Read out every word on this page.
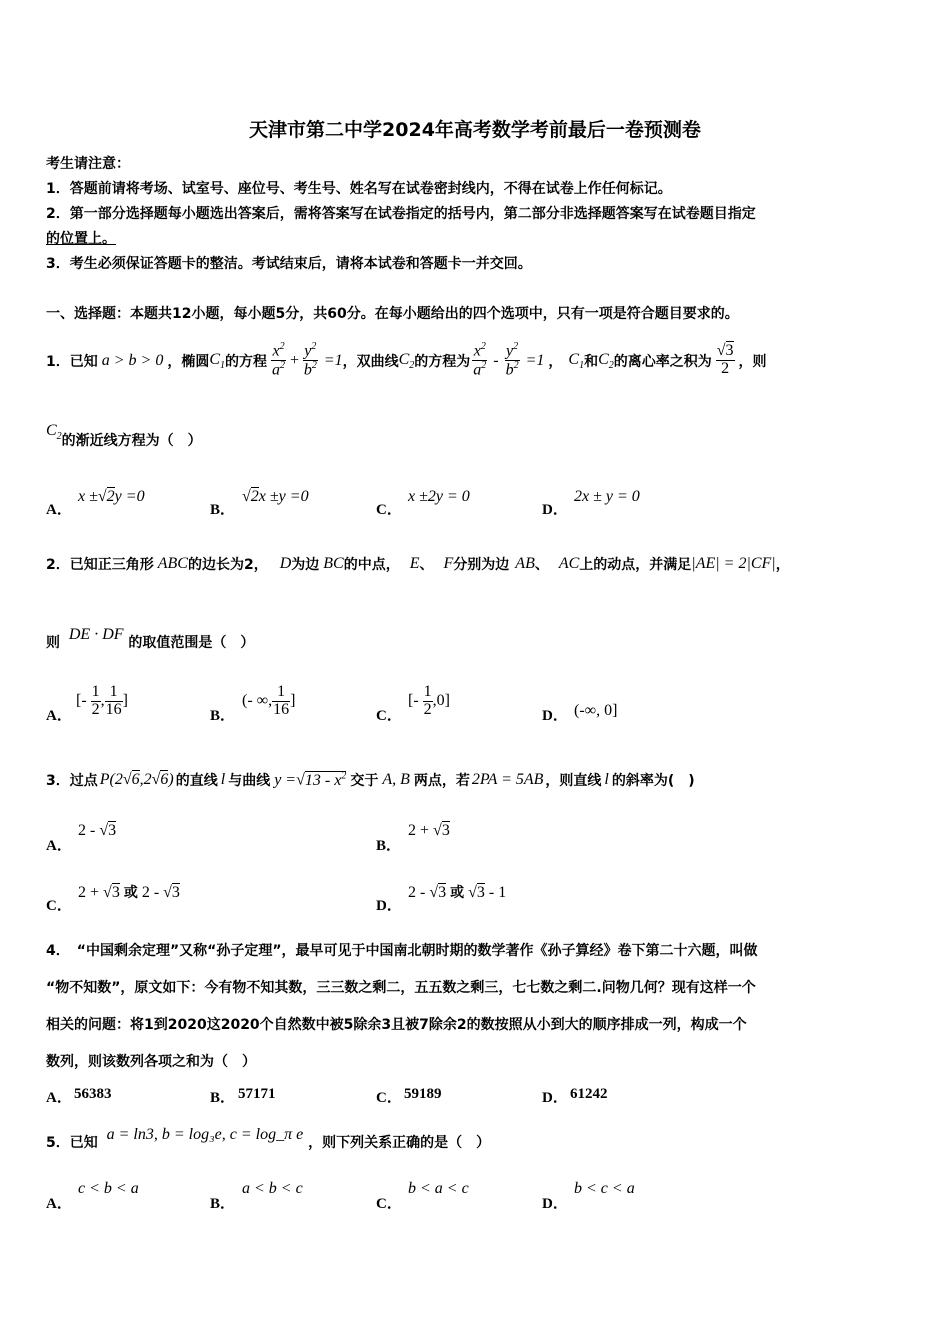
天津市第二中学2024年高考数学考前最后一卷预测卷
考生请注意：
1．答题前请将考场、试室号、座位号、考生号、姓名写在试卷密封线内，不得在试卷上作任何标记。
2．第一部分选择题每小题选出答案后，需将答案写在试卷指定的括号内，第二部分非选择题答案写在试卷题目指定
的位置上。
3．考生必须保证答题卡的整洁。考试结束后，请将本试卷和答题卡一并交回。
一、选择题：本题共12小题，每小题5分，共60分。在每小题给出的四个选项中，只有一项是符合题目要求的。
1．已知 a > b > 0 ，椭圆 $C_1$ 的方程 $\frac{x^2}{a^2} + \frac{y^2}{b^2} =1$ ，双曲线 $C_2$ 的方程为 $\frac{x^2}{a^2} - \frac{y^2}{b^2} =1$ ， $C_1$ 和 $C_2$ 的离心率之积为 $\frac{√3}{2}$ ，则
$C_2$的渐近线方程为（　）
A．
x ±√2y =0
B．
√2x ±y =0
C．
x ±2y = 0
D．
2x ± y = 0
2．已知正三角形 ABC 的边长为2， D 为边 BC 的中点， E 、 F 分别为边 AB 、 AC 上的动点，并满足 |AE| = 2|CF| ，
则 DE · DF 的取值范围是（　）
A．
[- $\frac{1}{2}$ , $\frac{1}{16}$ ]
B．
(- ∞, $\frac{1}{16}$ ]
C．
[- $\frac{1}{2} ,0$]
D． (-∞, 0]
3．过点 P(2√6,2√6) 的直线 l 与曲线 $y =√13 - x^2$ 交于 A, B 两点，若 2PA = 5AB ，则直线 l 的斜率为(　)
A．
2 - √3
B．
2 + √3
C．
2 + √3 或 2 - √3
D．
2 - √3 或 √3 - 1
4．　“中国剩余定理”又称“孙子定理”，最早可见于中国南北朝时期的数学著作《孙子算经》卷下第二十六题，叫做
“物不知数”，原文如下：今有物不知其数，三三数之剩二，五五数之剩三，七七数之剩二.问物几何？现有这样一个
相关的问题：将1到2020这2020个自然数中被5除余3且被7除余2的数按照从小到大的顺序排成一列，构成一个
数列，则该数列各项之和为（　）
A． 56383	B． 57171	C． 59189	D． 61242
5．已知 a = ln3, b = log₃e, c = log_π e ，则下列关系正确的是（　）
A．
c < b < a
B．
a < b < c
C．
b < a < c
D．
b < c < a
